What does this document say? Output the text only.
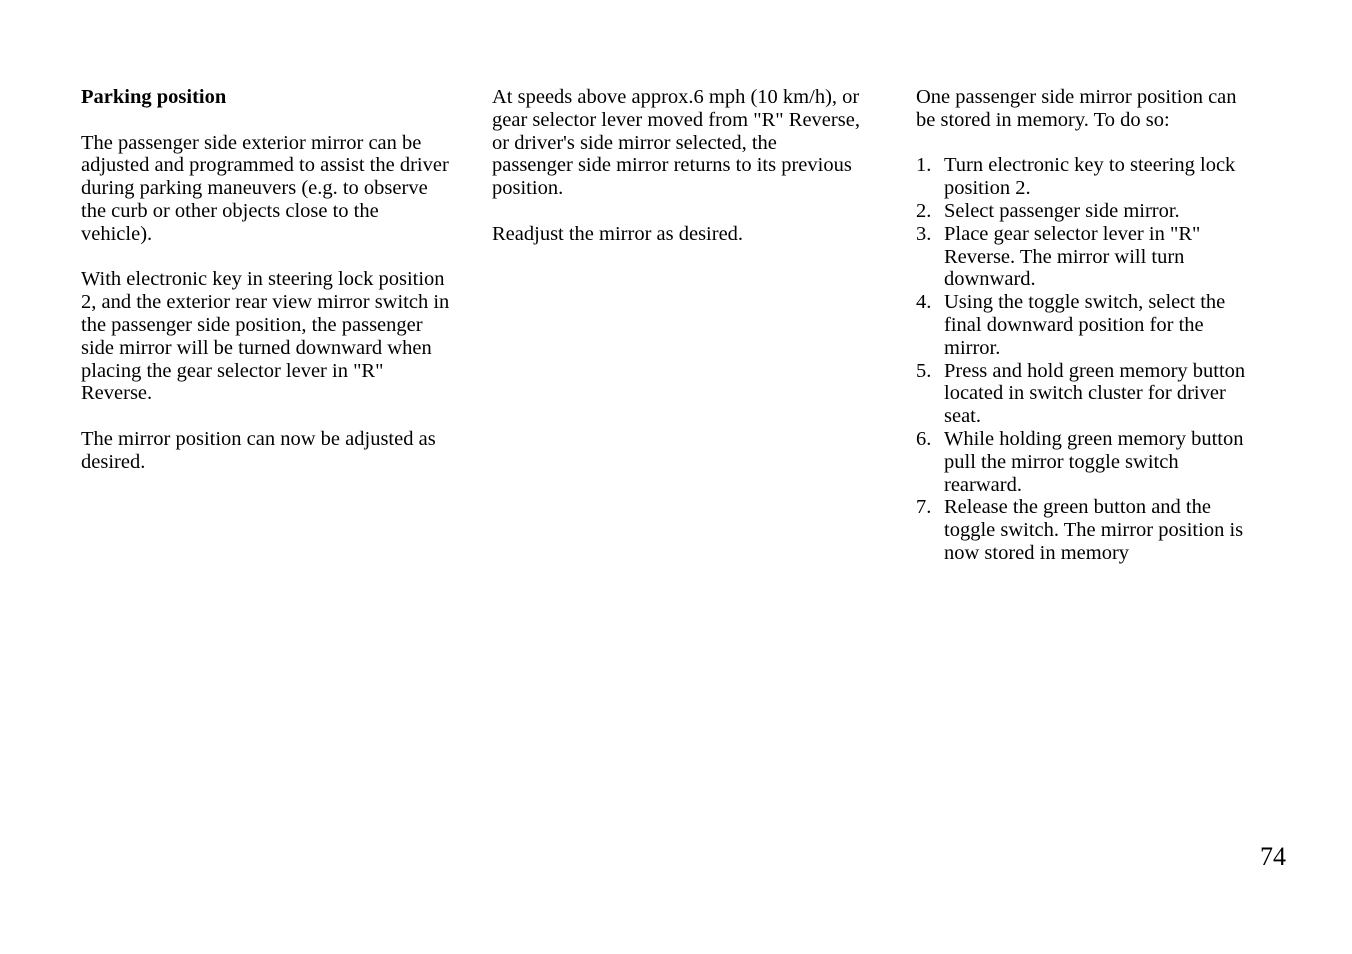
Parking position

The passenger side exterior mirror can be adjusted and programmed to assist the driver during parking maneuvers (e.g. to observe the curb or other objects close to the vehicle).

With electronic key in steering lock position 2, and the exterior rear view mirror switch in the passenger side position, the passenger side mirror will be turned downward when placing the gear selector lever in "R" Reverse.

The mirror position can now be adjusted as desired.

At speeds above approx.6 mph (10 km/h), or gear selector lever moved from "R" Reverse, or driver's side mirror selected, the passenger side mirror returns to its previous position.

Readjust the mirror as desired.

One passenger side mirror position can be stored in memory. To do so:

1. Turn electronic key to steering lock position 2.
2. Select passenger side mirror.
3. Place gear selector lever in "R" Reverse. The mirror will turn downward.
4. Using the toggle switch, select the final downward position for the mirror.
5. Press and hold green memory button located in switch cluster for driver seat.
6. While holding green memory button pull the mirror toggle switch rearward.
7. Release the green button and the toggle switch. The mirror position is now stored in memory
74
